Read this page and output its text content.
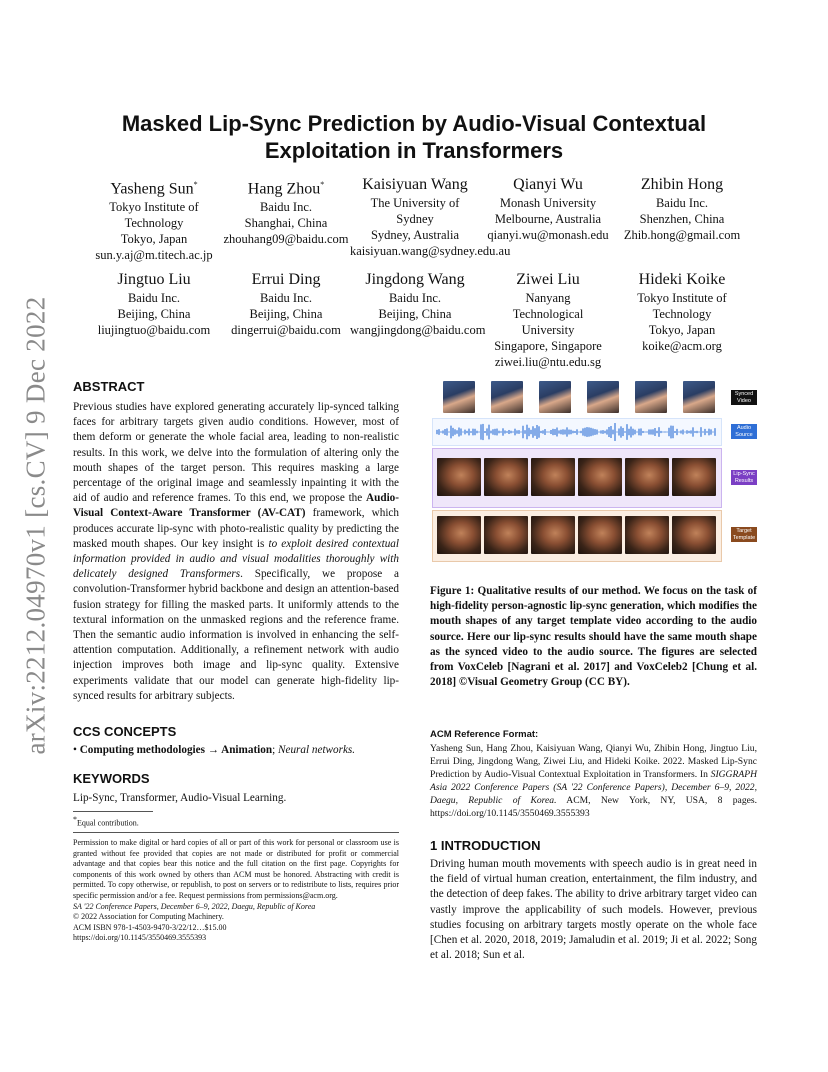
arXiv:2212.04970v1 [cs.CV] 9 Dec 2022
Masked Lip-Sync Prediction by Audio-Visual Contextual
Exploitation in Transformers
Yasheng Sun*
Tokyo Institute of
Technology
Tokyo, Japan
sun.y.aj@m.titech.ac.jp
Hang Zhou*
Baidu Inc.
Shanghai, China
zhouhang09@baidu.com
Kaisiyuan Wang
The University of
Sydney
Sydney, Australia
kaisiyuan.wang@sydney.edu.au
Qianyi Wu
Monash University
Melbourne, Australia
qianyi.wu@monash.edu
Zhibin Hong
Baidu Inc.
Shenzhen, China
Zhib.hong@gmail.com
Jingtuo Liu
Baidu Inc.
Beijing, China
liujingtuo@baidu.com
Errui Ding
Baidu Inc.
Beijing, China
dingerrui@baidu.com
Jingdong Wang
Baidu Inc.
Beijing, China
wangjingdong@baidu.com
Ziwei Liu
Nanyang
Technological
University
Singapore, Singapore
ziwei.liu@ntu.edu.sg
Hideki Koike
Tokyo Institute of
Technology
Tokyo, Japan
koike@acm.org
ABSTRACT
Previous studies have explored generating accurately lip-synced talking faces for arbitrary targets given audio conditions. However, most of them deform or generate the whole facial area, leading to non-realistic results. In this work, we delve into the formulation of altering only the mouth shapes of the target person. This requires masking a large percentage of the original image and seamlessly inpainting it with the aid of audio and reference frames. To this end, we propose the Audio-Visual Context-Aware Transformer (AV-CAT) framework, which produces accurate lip-sync with photo-realistic quality by predicting the masked mouth shapes. Our key insight is to exploit desired contextual information provided in audio and visual modalities thoroughly with delicately designed Transformers. Specifically, we propose a convolution-Transformer hybrid backbone and design an attention-based fusion strategy for filling the masked parts. It uniformly attends to the textural information on the unmasked regions and the reference frame. Then the semantic audio information is involved in enhancing the self-attention computation. Additionally, a refinement network with audio injection improves both image and lip-sync quality. Extensive experiments validate that our model can generate high-fidelity lip-synced results for arbitrary subjects.
CCS CONCEPTS
• Computing methodologies → Animation; Neural networks.
KEYWORDS
Lip-Sync, Transformer, Audio-Visual Learning.
*Equal contribution.
Permission to make digital or hard copies of all or part of this work for personal or classroom use is granted without fee provided that copies are not made or distributed for profit or commercial advantage and that copies bear this notice and the full citation on the first page. Copyrights for components of this work owned by others than ACM must be honored. Abstracting with credit is permitted. To copy otherwise, or republish, to post on servers or to redistribute to lists, requires prior specific permission and/or a fee. Request permissions from permissions@acm.org.
SA '22 Conference Papers, December 6–9, 2022, Daegu, Republic of Korea
© 2022 Association for Computing Machinery.
ACM ISBN 978-1-4503-9470-3/22/12…$15.00
https://doi.org/10.1145/3550469.3555393
Synced Video
Audio Source
Lip-Sync Results
Target Template
Figure 1: Qualitative results of our method. We focus on the task of high-fidelity person-agnostic lip-sync generation, which modifies the mouth shapes of any target template video according to the audio source. Here our lip-sync results should have the same mouth shape as the synced video to the audio source. The figures are selected from VoxCeleb [Nagrani et al. 2017] and VoxCeleb2 [Chung et al. 2018] ©Visual Geometry Group (CC BY).
ACM Reference Format:
Yasheng Sun, Hang Zhou, Kaisiyuan Wang, Qianyi Wu, Zhibin Hong, Jingtuo Liu, Errui Ding, Jingdong Wang, Ziwei Liu, and Hideki Koike. 2022. Masked Lip-Sync Prediction by Audio-Visual Contextual Exploitation in Transformers. In SIGGRAPH Asia 2022 Conference Papers (SA '22 Conference Papers), December 6–9, 2022, Daegu, Republic of Korea. ACM, New York, NY, USA, 8 pages. https://doi.org/10.1145/3550469.3555393
1 INTRODUCTION
Driving human mouth movements with speech audio is in great need in the field of virtual human creation, entertainment, the film industry, and the detection of deep fakes. The ability to drive arbitrary target video can vastly improve the applicability of such models. However, previous studies focusing on arbitrary targets mostly operate on the whole face [Chen et al. 2020, 2018, 2019; Jamaludin et al. 2019; Ji et al. 2022; Song et al. 2018; Sun et al.
